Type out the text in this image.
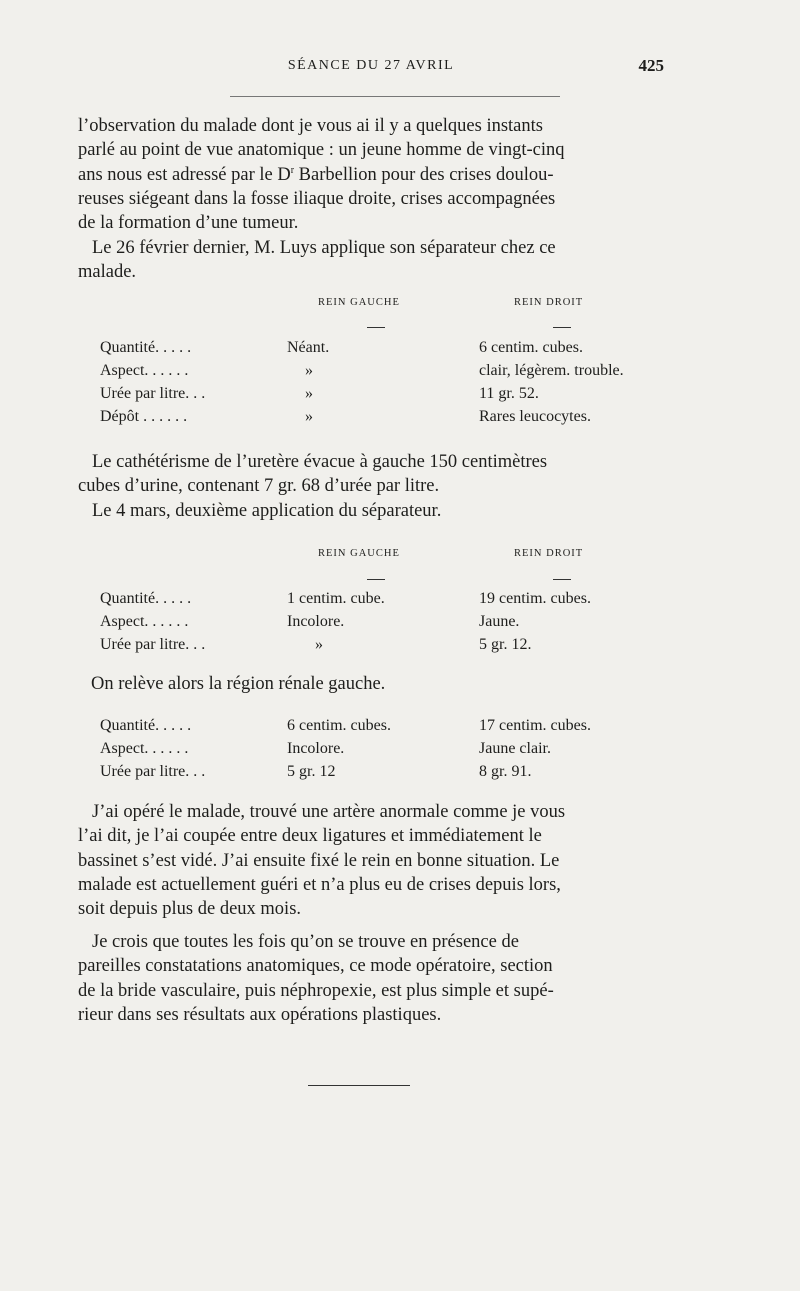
SÉANCE DU 27 AVRIL	425

l’observation du malade dont je vous ai il y a quelques instants
parlé au point de vue anatomique : un jeune homme de vingt-cinq
ans nous est adressé par le $D^r$ Barbellion pour des crises doulou-
reuses siégeant dans la fosse iliaque droite, crises accompagnées
de la formation d’une tumeur.

Le 26 février dernier, M. Luys applique son séparateur chez ce
malade.

REIN GAUCHE	REIN DROIT
Quantité. . . . .	Néant.	6 centim. cubes.
Aspect. . . . . .	»	clair, légèrem. trouble.
Urée par litre. . .	»	11 gr. 52.
Dépôt . . . . . .	»	Rares leucocytes.

Le cathétérisme de l’uretère évacue à gauche 150 centimètres
cubes d’urine, contenant 7 gr. 68 d’urée par litre.
Le 4 mars, deuxième application du séparateur.

REIN GAUCHE	REIN DROIT
Quantité. . . . .	1 centim. cube.	19 centim. cubes.
Aspect. . . . . .	Incolore.	Jaune.
Urée par litre. . .	»	5 gr. 12.
On relève alors la région rénale gauche.
Quantité. . . . .	6 centim. cubes.	17 centim. cubes.
Aspect. . . . . .	Incolore.	Jaune clair.
Urée par litre. . .	5 gr. 12	8 gr. 91.

J’ai opéré le malade, trouvé une artère anormale comme je vous
l’ai dit, je l’ai coupée entre deux ligatures et immédiatement le
bassinet s’est vidé. J’ai ensuite fixé le rein en bonne situation. Le
malade est actuellement guéri et n’a plus eu de crises depuis lors,
soit depuis plus de deux mois.

Je crois que toutes les fois qu’on se trouve en présence de
pareilles constatations anatomiques, ce mode opératoire, section
de la bride vasculaire, puis néphropexie, est plus simple et supé-
rieur dans ses résultats aux opérations plastiques.
